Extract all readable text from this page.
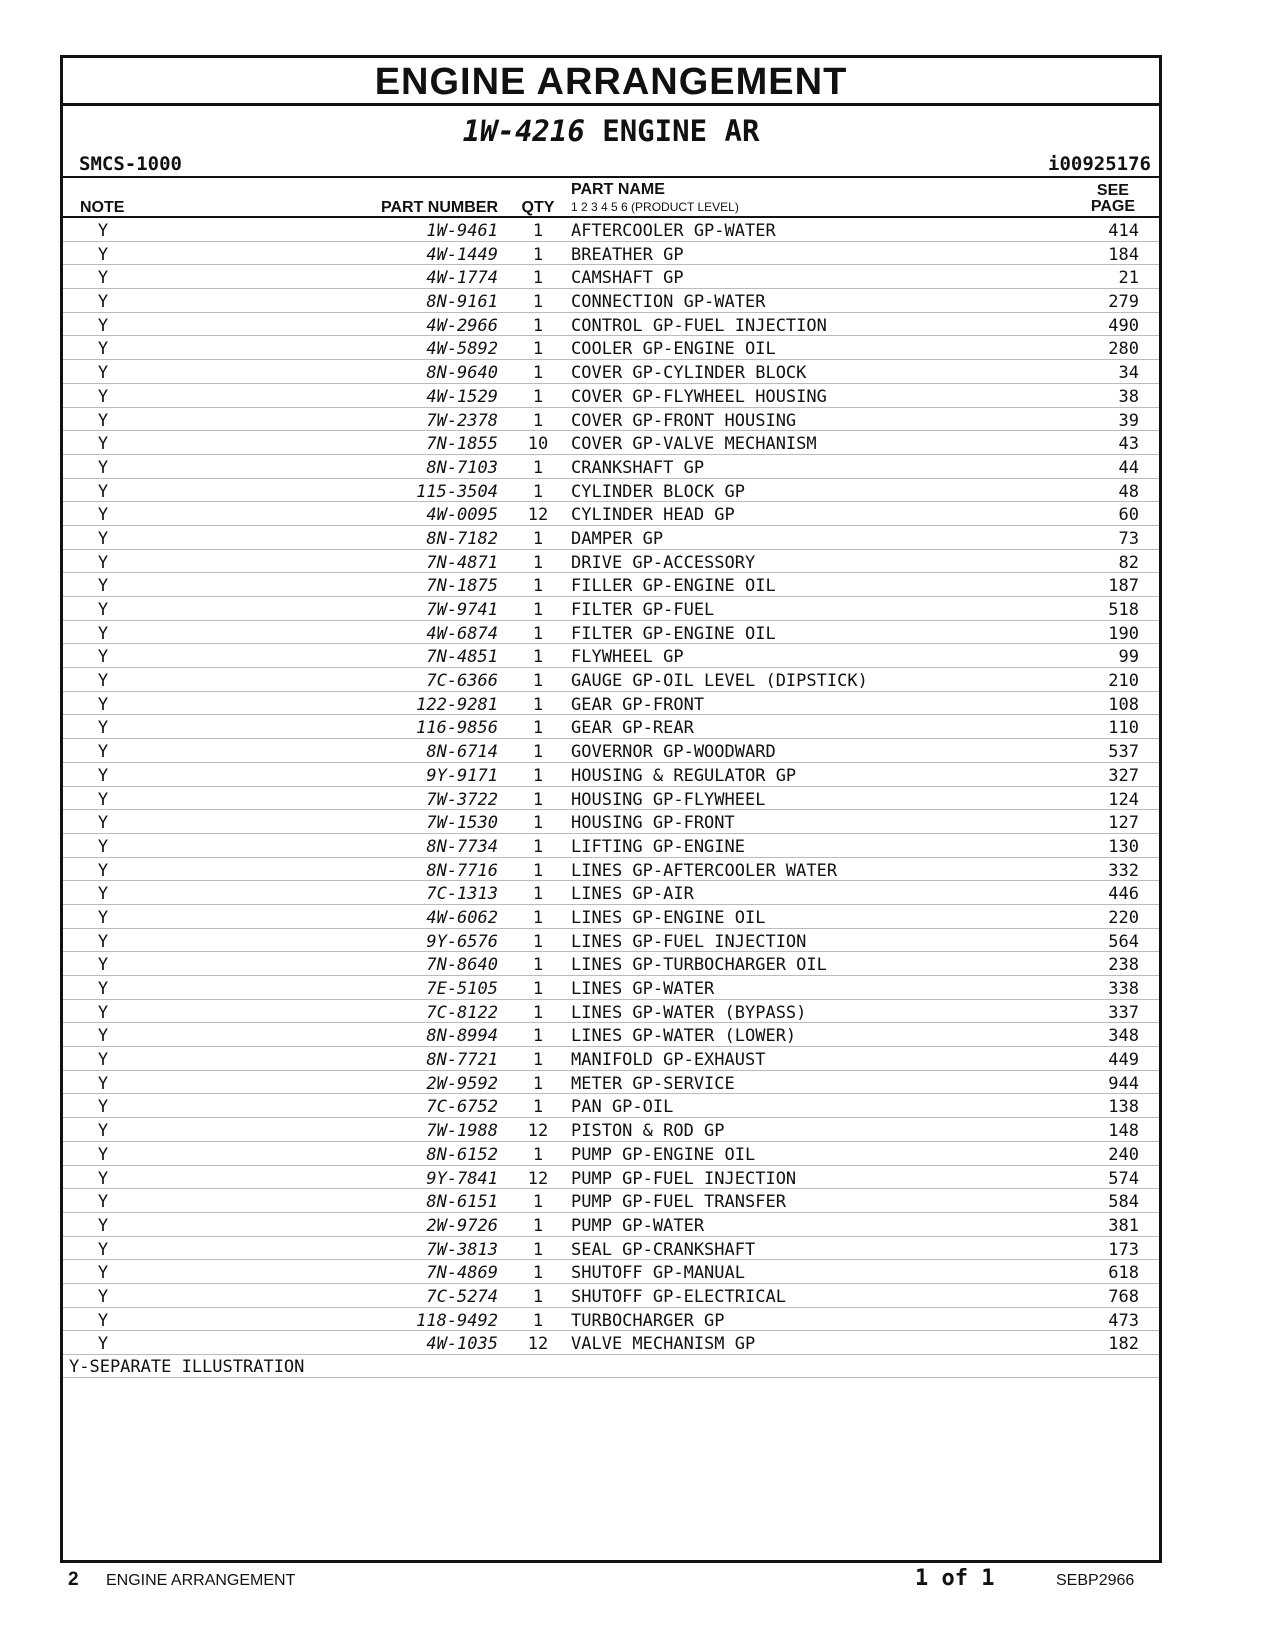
ENGINE ARRANGEMENT
1W-4216 ENGINE AR
SMCS-1000	i00925176
NOTE	PART NUMBER	QTY
PART NAME
1 2 3 4 5 6 (PRODUCT LEVEL)
SEE
PAGE
Y	1W-9461	1	AFTERCOOLER GP-WATER	414
Y	4W-1449	1	BREATHER GP	184
Y	4W-1774	1	CAMSHAFT GP	21
Y	8N-9161	1	CONNECTION GP-WATER	279
Y	4W-2966	1	CONTROL GP-FUEL INJECTION	490
Y	4W-5892	1	COOLER GP-ENGINE OIL	280
Y	8N-9640	1	COVER GP-CYLINDER BLOCK	34
Y	4W-1529	1	COVER GP-FLYWHEEL HOUSING	38
Y	7W-2378	1	COVER GP-FRONT HOUSING	39
Y	7N-1855	10	COVER GP-VALVE MECHANISM	43
Y	8N-7103	1	CRANKSHAFT GP	44
Y	115-3504	1	CYLINDER BLOCK GP	48
Y	4W-0095	12	CYLINDER HEAD GP	60
Y	8N-7182	1	DAMPER GP	73
Y	7N-4871	1	DRIVE GP-ACCESSORY	82
Y	7N-1875	1	FILLER GP-ENGINE OIL	187
Y	7W-9741	1	FILTER GP-FUEL	518
Y	4W-6874	1	FILTER GP-ENGINE OIL	190
Y	7N-4851	1	FLYWHEEL GP	99
Y	7C-6366	1	GAUGE GP-OIL LEVEL (DIPSTICK)	210
Y	122-9281	1	GEAR GP-FRONT	108
Y	116-9856	1	GEAR GP-REAR	110
Y	8N-6714	1	GOVERNOR GP-WOODWARD	537
Y	9Y-9171	1	HOUSING & REGULATOR GP	327
Y	7W-3722	1	HOUSING GP-FLYWHEEL	124
Y	7W-1530	1	HOUSING GP-FRONT	127
Y	8N-7734	1	LIFTING GP-ENGINE	130
Y	8N-7716	1	LINES GP-AFTERCOOLER WATER	332
Y	7C-1313	1	LINES GP-AIR	446
Y	4W-6062	1	LINES GP-ENGINE OIL	220
Y	9Y-6576	1	LINES GP-FUEL INJECTION	564
Y	7N-8640	1	LINES GP-TURBOCHARGER OIL	238
Y	7E-5105	1	LINES GP-WATER	338
Y	7C-8122	1	LINES GP-WATER (BYPASS)	337
Y	8N-8994	1	LINES GP-WATER (LOWER)	348
Y	8N-7721	1	MANIFOLD GP-EXHAUST	449
Y	2W-9592	1	METER GP-SERVICE	944
Y	7C-6752	1	PAN GP-OIL	138
Y	7W-1988	12	PISTON & ROD GP	148
Y	8N-6152	1	PUMP GP-ENGINE OIL	240
Y	9Y-7841	12	PUMP GP-FUEL INJECTION	574
Y	8N-6151	1	PUMP GP-FUEL TRANSFER	584
Y	2W-9726	1	PUMP GP-WATER	381
Y	7W-3813	1	SEAL GP-CRANKSHAFT	173
Y	7N-4869	1	SHUTOFF GP-MANUAL	618
Y	7C-5274	1	SHUTOFF GP-ELECTRICAL	768
Y	118-9492	1	TURBOCHARGER GP	473
Y	4W-1035	12	VALVE MECHANISM GP	182
Y-SEPARATE ILLUSTRATION
2 ENGINE ARRANGEMENT	1 of 1	SEBP2966
